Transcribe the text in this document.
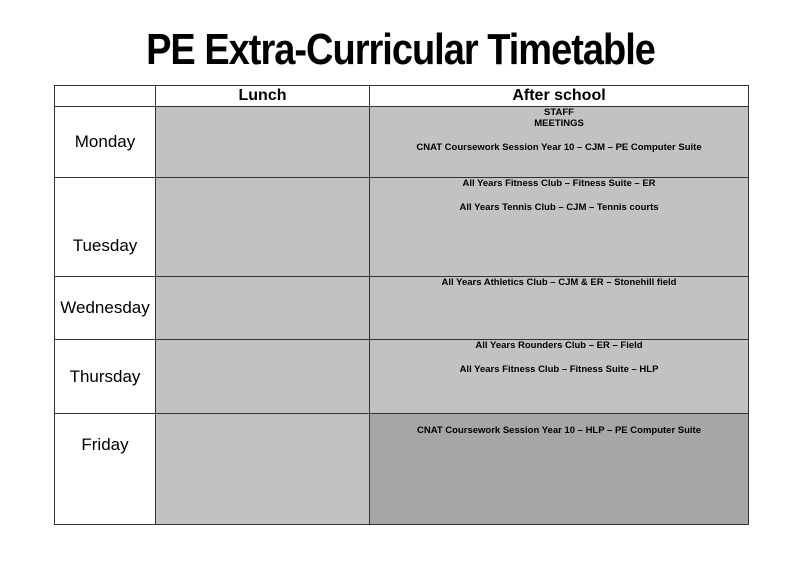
PE Extra-Curricular Timetable
	Lunch	After school
Monday		STAFF
MEETINGS
CNAT Coursework Session Year 10 – CJM – PE Computer Suite

Tuesday		All Years Fitness Club – Fitness Suite – ER
All Years Tennis Club – CJM – Tennis courts

Wednesday		All Years Athletics Club – CJM & ER – Stonehill field

Thursday		All Years Rounders Club – ER – Field
All Years Fitness Club – Fitness Suite – HLP

Friday		CNAT Coursework Session Year 10 – HLP – PE Computer Suite
